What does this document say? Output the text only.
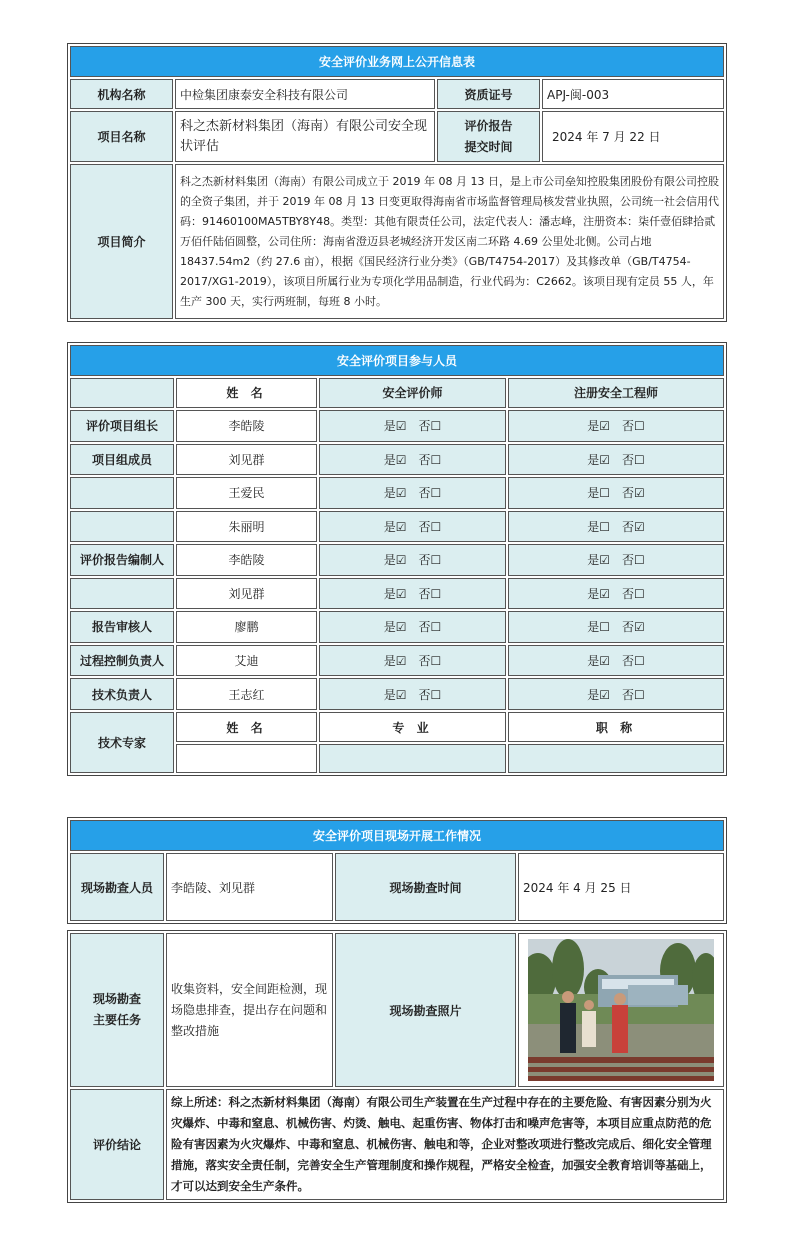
安全评价业务网上公开信息表			
机构名称	中检集团康泰安全科技有限公司	资质证号	APJ-闽-003
项目名称	科之杰新材料集团（海南）有限公司安全现状评估	评价报告
提交时间	2024 年 7 月 22 日
项目简介	科之杰新材料集团（海南）有限公司成立于 2019 年 08 月 13 日，是上市公司垒知控股集团股份有限公司控股的全资子集团，并于 2019 年 08 月 13 日变更取得海南省市场监督管理局核发营业执照，公司统一社会信用代码：91460100MA5TBY8Y48。类型：其他有限责任公司，法定代表人：潘志峰，注册资本：柒仟壹佰肆拾贰万佰仟陆佰圆整，公司住所：海南省澄迈县老城经济开发区南二环路 4.69 公里处北侧。公司占地 18437.54m2（约 27.6 亩），根据《国民经济行业分类》（GB/T4754-2017）及其修改单（GB/T4754-2017/XG1-2019），该项目所属行业为专项化学用品制造，行业代码为：C2662。该项目现有定员 55 人，年生产 300 天，实行两班制，每班 8 小时。		
安全评价项目参与人员			
	姓 名	安全评价师	注册安全工程师
评价项目组长	李皓陵	是☑　否☐	是☑　否☐
项目组成员	刘见群	是☑　否☐	是☑　否☐
	王爱民	是☑　否☐	是☐　否☑
	朱丽明	是☑　否☐	是☐　否☑
评价报告编制人	李皓陵	是☑　否☐	是☑　否☐
	刘见群	是☑　否☐	是☑　否☐
报告审核人	廖鹏	是☑　否☐	是☐　否☑
过程控制负责人	艾迪	是☑　否☐	是☑　否☐
技术负责人	王志红	是☑　否☐	是☑　否☐
技术专家	姓 名	专 业	职 称

安全评价项目现场开展工作情况
现场勘查人员	李皓陵、刘见群	现场勘查时间	2024 年 4 月 25 日
现场勘查
主要任务	收集资料，安全间距检测，现场隐患排查，提出存在问题和整改措施	现场勘查照片	

评价结论	综上所述：科之杰新材料集团（海南）有限公司生产装置在生产过程中存在的主要危险、有害因素分别为火灾爆炸、中毒和窒息、机械伤害、灼烫、触电、起重伤害、物体打击和噪声危害等，本项目应重点防范的危险有害因素为火灾爆炸、中毒和窒息、机械伤害、触电和等，企业对整改项进行整改完成后、细化安全管理措施，落实安全责任制，完善安全生产管理制度和操作规程，严格安全检查，加强安全教育培训等基础上，才可以达到安全生产条件。		
